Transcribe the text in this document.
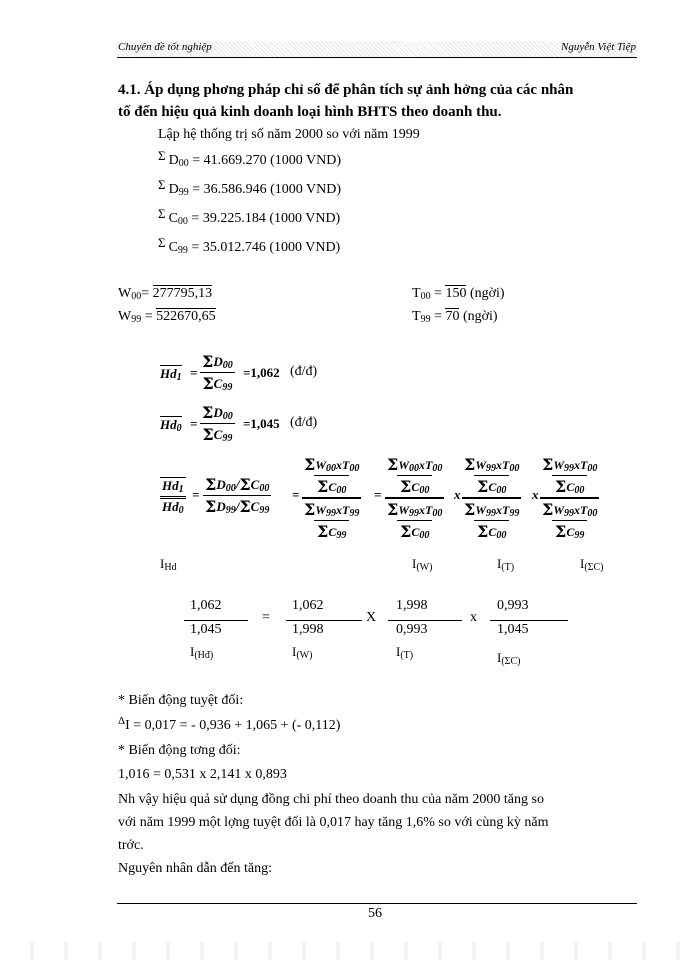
Chuyên đề tốt nghiệp	Nguyễn Việt Tiệp
4.1. Áp dụng phơng pháp chỉ số để phân tích sự ảnh hởng của các nhân
tố đến hiệu quả kinh doanh loại hình BHTS theo doanh thu.
Lập hệ thống trị số năm 2000 so với năm 1999
Σ $D_{00} = 41.669.270$ (1000 VND)
Σ $D_{99} = 36.586.946$ (1000 VND)
Σ $C_{00} = 39.225.184$ (1000 VND)
Σ $C_{99} = 35.012.746$ (1000 VND)
$W_{00}= 277795,13$
$W_{99} = 522670,65$
$T_{00} = 150$ (ngời)
$T_{99} = 70$ (ngời)
$Hd_1$ =
$\Sigma D_{00}$
$\Sigma C_{99}$
=1,062 (đ/đ)
$Hd_0$ =
$\Sigma D_{00}$
$\Sigma C_{99}$
=1,045 (đ/đ)
$\frac{Hd_1}{Hd_0}$ =
$\Sigma D_{00}/\Sigma C_{00}$
$\Sigma D_{99}/\Sigma C_{99}$
=
$\Sigma W_{00}xT_{00}$
$\Sigma C_{00}$
$\Sigma W_{99}xT_{99}$
$\Sigma C_{99}$
=
$\Sigma W_{00}xT_{00}$
$\Sigma C_{00}$
$\Sigma W_{99}xT_{00}$
$\Sigma C_{00}$
x
$\Sigma W_{99}xT_{00}$
$\Sigma C_{00}$
$\Sigma W_{99}xT_{99}$
$\Sigma C_{00}$
x
$\Sigma W_{99}xT_{00}$
$\Sigma C_{00}$
$\Sigma W_{99}xT_{00}$
$\Sigma C_{99}$
$I_{Hd}$	$I_{(W)}$	$I_{(T)}$	$I_{(\Sigma C)}$
1,062
1,045
=
1,062
1,998
X
1,998
0,993
x
0,993
1,045
$I_{(Hđ)}$	$I_{(W)}$	$I_{(T)}$	$I_{(\Sigma C)}$
* Biến động tuyệt đối:
$^\Delta$I = 0,017 = - 0,936 + 1,065 + (- 0,112)
* Biến động tơng đối:
1,016 = 0,531 x 2,141 x 0,893
Nh vậy hiệu quả sử dụng đồng chi phí theo doanh thu của năm 2000 tăng so
với năm 1999 một lợng tuyệt đối là 0,017 hay tăng 1,6% so với cùng kỳ năm
trớc.
Nguyên nhân dẫn đến tăng:
56
